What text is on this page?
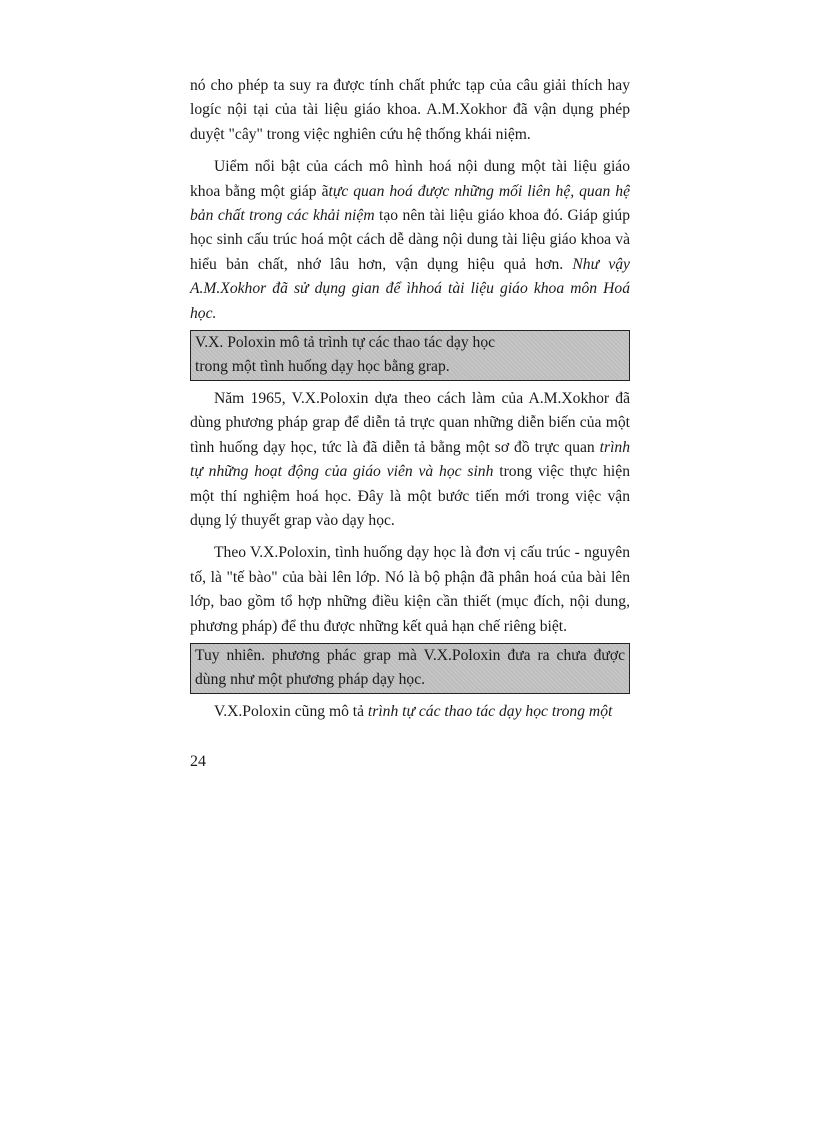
nó cho phép ta suy ra được tính chất phức tạp của câu giải thích hay logíc nội tại của tài liệu giáo khoa. A.M.Xokhor đã vận dụng phép duyệt "cây" trong việc nghiên cứu hệ thống khái niệm.

Uiểm nổi bật của cách mô hình hoá nội dung một tài liệu giáo khoa bằng một giáp ãtực quan hoá được những mối liên hệ, quan hệ bản chất trong các khải niệm tạo nên tài liệu giáo khoa đó. Giáp giúp học sinh cấu trúc hoá một cách dễ dàng nội dung tài liệu giáo khoa và hiểu bản chất, nhớ lâu hơn, vận dụng hiệu quả hơn. Như vậy A.M.Xokhor đã sử dụng gian để ìhhoá tài liệu giáo khoa môn Hoá học.

V.X. Poloxin mô tả trình tự các thao tác dạy học
trong một tình huống dạy học bằng grap.

Năm 1965, V.X.Poloxin dựa theo cách làm của A.M.Xokhor đã dùng phương pháp grap để diễn tả trực quan những diễn biến của một tình huống dạy học, tức là đã diễn tả bằng một sơ đồ trực quan trình tự những hoạt động của giáo viên và học sinh trong việc thực hiện một thí nghiệm hoá học. Đây là một bước tiến mới trong việc vận dụng lý thuyết grap vào dạy học.

Theo V.X.Poloxin, tình huống dạy học là đơn vị cấu trúc - nguyên tố, là "tế bào" của bài lên lớp. Nó là bộ phận đã phân hoá của bài lên lớp, bao gồm tổ hợp những điều kiện cần thiết (mục đích, nội dung, phương pháp) để thu được những kết quả hạn chế riêng biệt.

Tuy nhiên. phương phác grap mà V.X.Poloxin đưa ra chưa được dùng như một phương pháp dạy học.

V.X.Poloxin cũng mô tả trình tự các thao tác dạy học trong một

24
